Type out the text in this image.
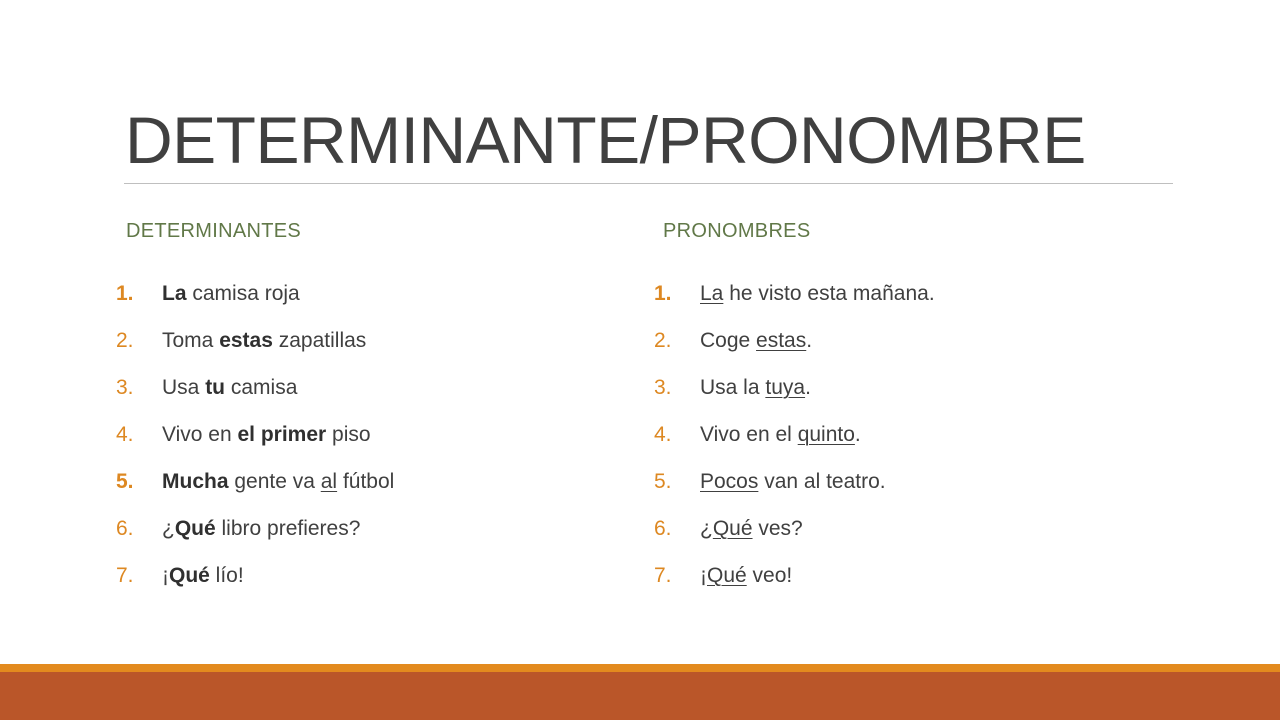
DETERMINANTE/PRONOMBRE
DETERMINANTES	PRONOMBRES
1.	La camisa roja
2.	Toma estas zapatillas
3.	Usa tu camisa
4.	Vivo en el primer piso
5.	Mucha gente va al fútbol
6.	¿Qué libro prefieres?
7.	¡Qué lío!
1.	La he visto esta mañana.
2.	Coge estas.
3.	Usa la tuya.
4.	Vivo en el quinto.
5.	Pocos van al teatro.
6.	¿Qué ves?
7.	¡Qué veo!
